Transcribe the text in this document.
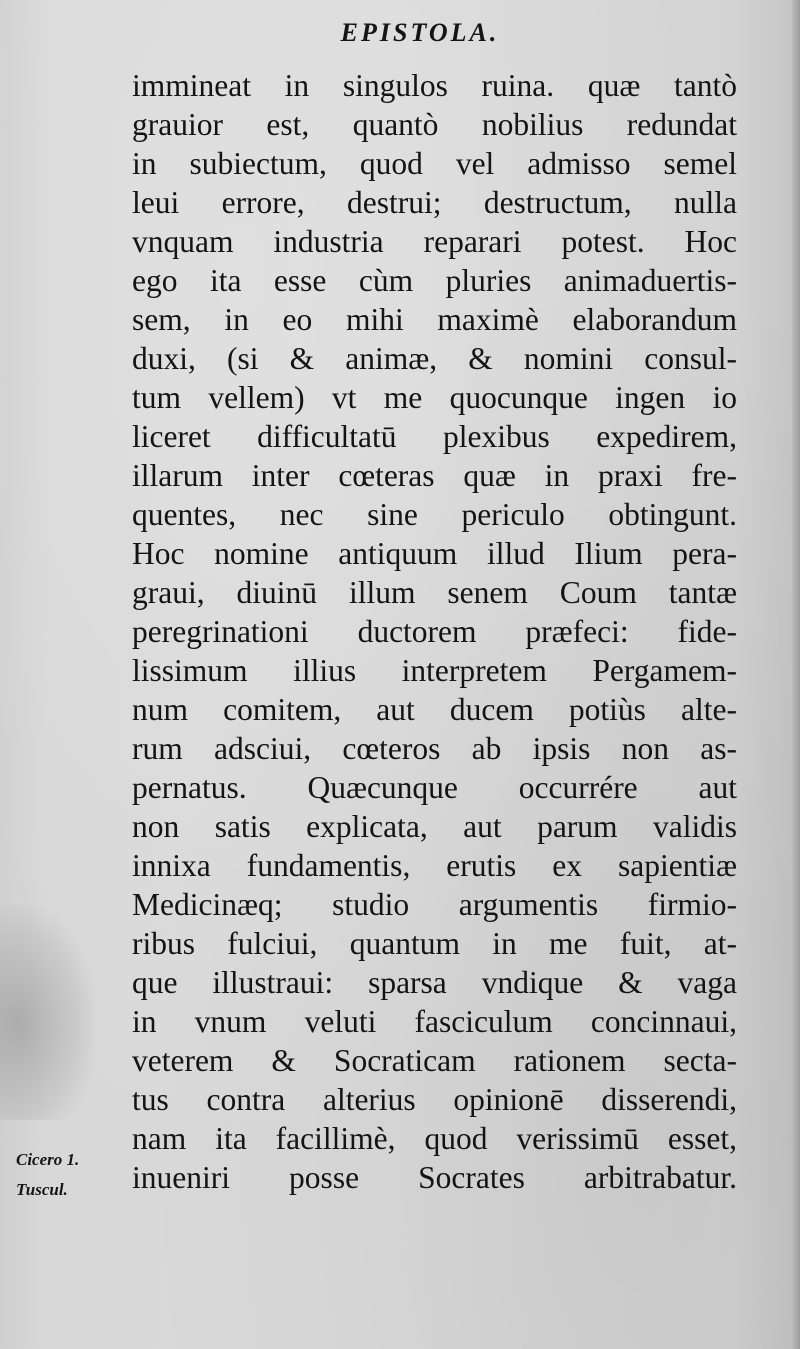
EPISTOLA.
immineat in singulos ruina. quæ tantò
grauior est, quantò nobilius redundat
in subiectum, quod vel admisso semel
leui errore, destrui; destructum, nulla
vnquam industria reparari potest. Hoc
ego ita esse cùm pluries animaduertis-
sem, in eo mihi maximè elaborandum
duxi, (si & animæ, & nomini consul-
tum vellem) vt me quocunque ingen io
liceret difficultatū plexibus expedirem,
illarum inter cœteras quæ in praxi fre-
quentes, nec sine periculo obtingunt.
Hoc nomine antiquum illud Ilium pera-
graui, diuinū illum senem Coum tantæ
peregrinationi ductorem præfeci: fide-
lissimum illius interpretem Pergamem-
num comitem, aut ducem potiùs alte-
rum adsciui, cœteros ab ipsis non as-
pernatus. Quæcunque occurrére aut
non satis explicata, aut parum validis
innixa fundamentis, erutis ex sapientiæ
Medicinæq; studio argumentis firmio-
ribus fulciui, quantum in me fuit, at-
que illustraui: sparsa vndique & vaga
in vnum veluti fasciculum concinnaui,
veterem & Socraticam rationem secta-
tus contra alterius opinionē disserendi,
nam ita facillimè, quod verissimū esset,
inueniri posse Socrates arbitrabatur.
Cicero 1.
Tuscul.
